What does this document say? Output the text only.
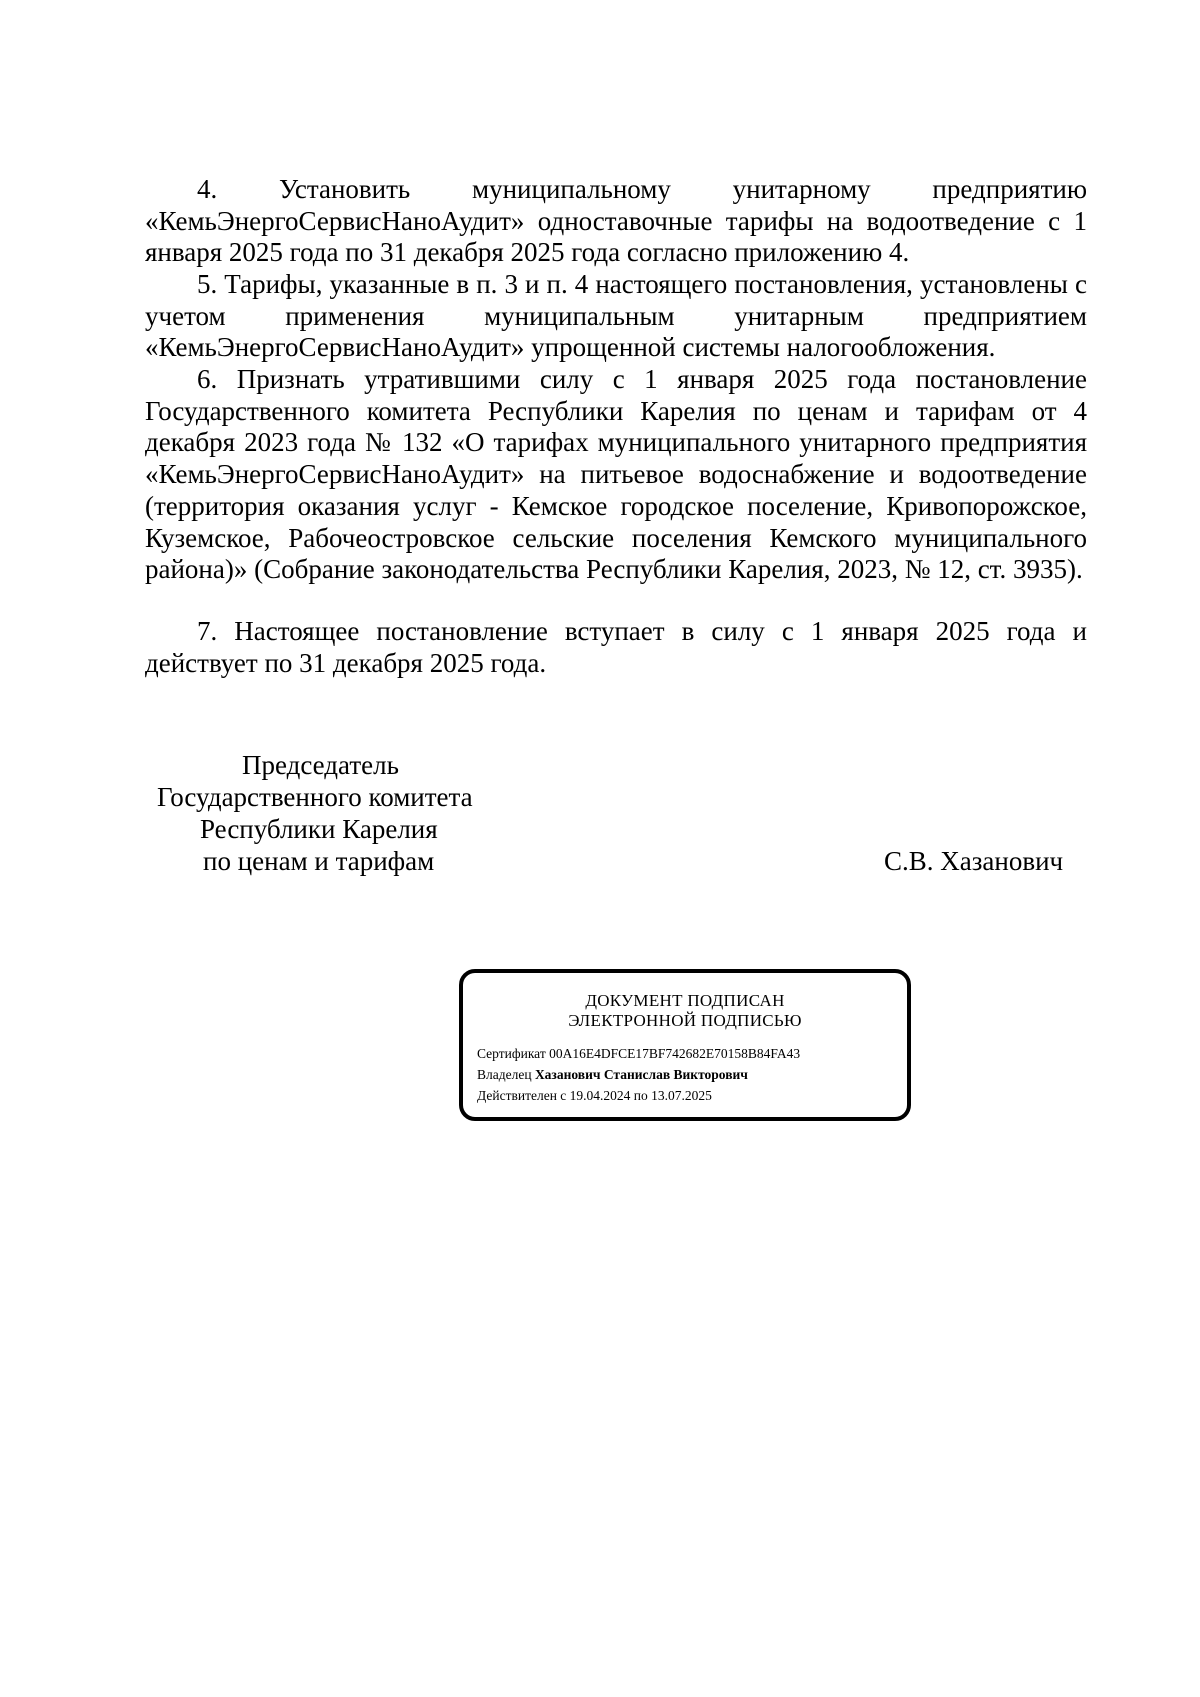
4. Установить муниципальному унитарному предприятию «КемьЭнергоСервисНаноАудит» одноставочные тарифы на водоотведение с 1 января 2025 года по 31 декабря 2025 года согласно приложению 4.

5. Тарифы, указанные в п. 3 и п. 4 настоящего постановления, установлены с учетом применения муниципальным унитарным предприятием «КемьЭнергоСервисНаноАудит» упрощенной системы налогообложения.

6. Признать утратившими силу с 1 января 2025 года постановление Государственного комитета Республики Карелия по ценам и тарифам от 4 декабря 2023 года № 132 «О тарифах муниципального унитарного предприятия «КемьЭнергоСервисНаноАудит» на питьевое водоснабжение и водоотведение (территория оказания услуг - Кемское городское поселение, Кривопорожское, Куземское, Рабочеостровское сельские поселения Кемского муниципального района)» (Собрание законодательства Республики Карелия, 2023, № 12, ст. 3935).

7. Настоящее постановление вступает в силу с 1 января 2025 года и действует по 31 декабря 2025 года.

Председатель
Государственного комитета
Республики Карелия
по ценам и тарифам	С.В. Хазанович
ДОКУМЕНТ ПОДПИСАН
ЭЛЕКТРОННОЙ ПОДПИСЬЮ
Сертификат 00A16E4DFCE17BF742682E70158B84FA43
Владелец Хазанович Станислав Викторович
Действителен с 19.04.2024 по 13.07.2025
